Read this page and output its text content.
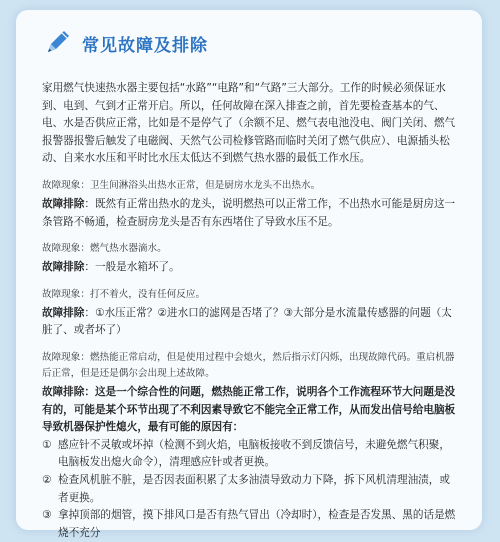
常见故障及排除

家用燃气快速热水器主要包括“水路”“电路”和“气路”三大部分。工作的时候必须保证水到、电到、气到才正常开启。所以，任何故障在深入排查之前，首先要检查基本的气、电、水是否供应正常，比如是不是停气了（余额不足、燃气表电池没电、阀门关闭、燃气报警器报警后触发了电磁阀、天然气公司检修管路而临时关闭了燃气供应）、电源插头松动、自来水水压和平时比水压太低达不到燃气热水器的最低工作水压。

故障现象：卫生间淋浴头出热水正常，但是厨房水龙头不出热水。

故障排除：既然有正常出热水的龙头，说明燃热可以正常工作，不出热水可能是厨房这一条管路不畅通，检查厨房龙头是否有东西堵住了导致水压不足。

故障现象：燃气热水器滴水。

故障排除：一般是水箱坏了。

故障现象：打不着火，没有任何反应。

故障排除：①水压正常？②进水口的滤网是否堵了？③大部分是水流量传感器的问题（太脏了、或者坏了）

故障现象：燃热能正常启动，但是使用过程中会熄火，然后指示灯闪烁，出现故障代码。重启机器后正常，但是还是偶尔会出现上述故障。

故障排除：这是一个综合性的问题，燃热能正常工作，说明各个工作流程环节大问题是没有的，可能是某个环节出现了不利因素导致它不能完全正常工作，从而发出信号给电脑板导致机器保护性熄火，最有可能的原因有：

① 感应针不灵敏或坏掉（检测不到火焰，电脑板接收不到反馈信号，未避免燃气积聚，电脑板发出熄火命令），清理感应针或者更换。
② 检查风机脏不脏，是否因表面积累了太多油渍导致动力下降，拆下风机清理油渍，或者更换。
③ 拿掉顶部的烟管，摸下排风口是否有热气冒出（冷却时），检查是否发黑、黑的话是燃烧不充分
